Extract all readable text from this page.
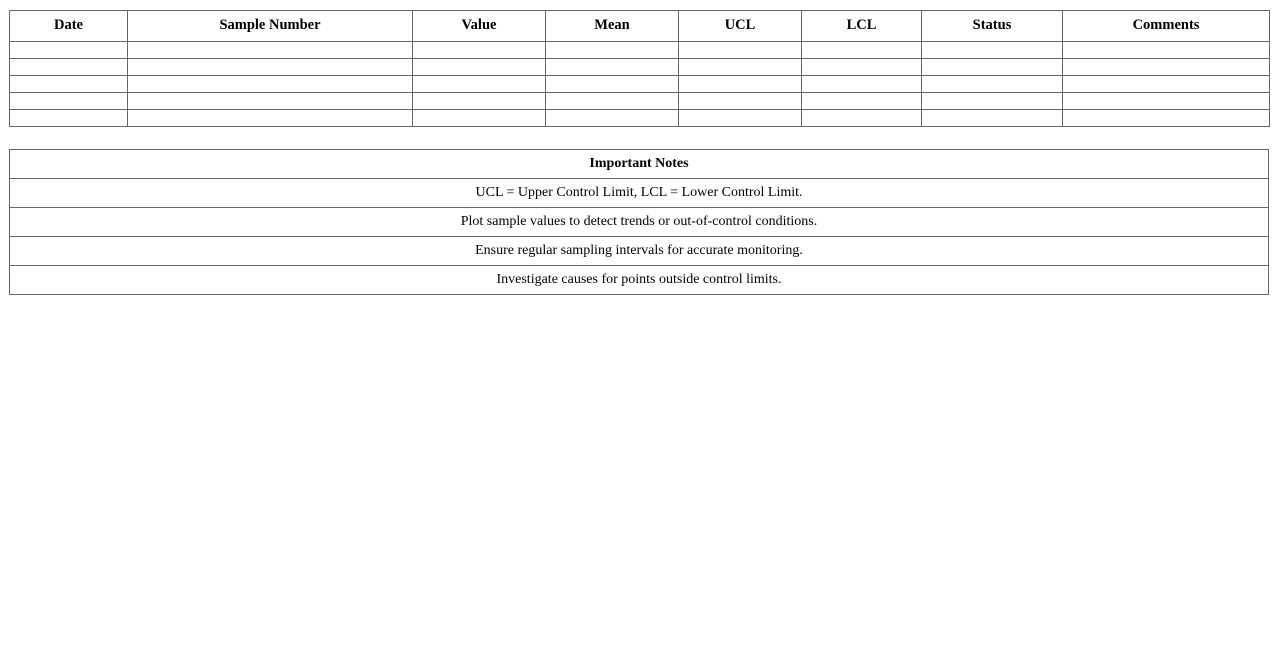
Date	Sample Number	Value	Mean	UCL	LCL	Status	Comments

Important Notes
UCL = Upper Control Limit, LCL = Lower Control Limit.
Plot sample values to detect trends or out-of-control conditions.
Ensure regular sampling intervals for accurate monitoring.
Investigate causes for points outside control limits.
